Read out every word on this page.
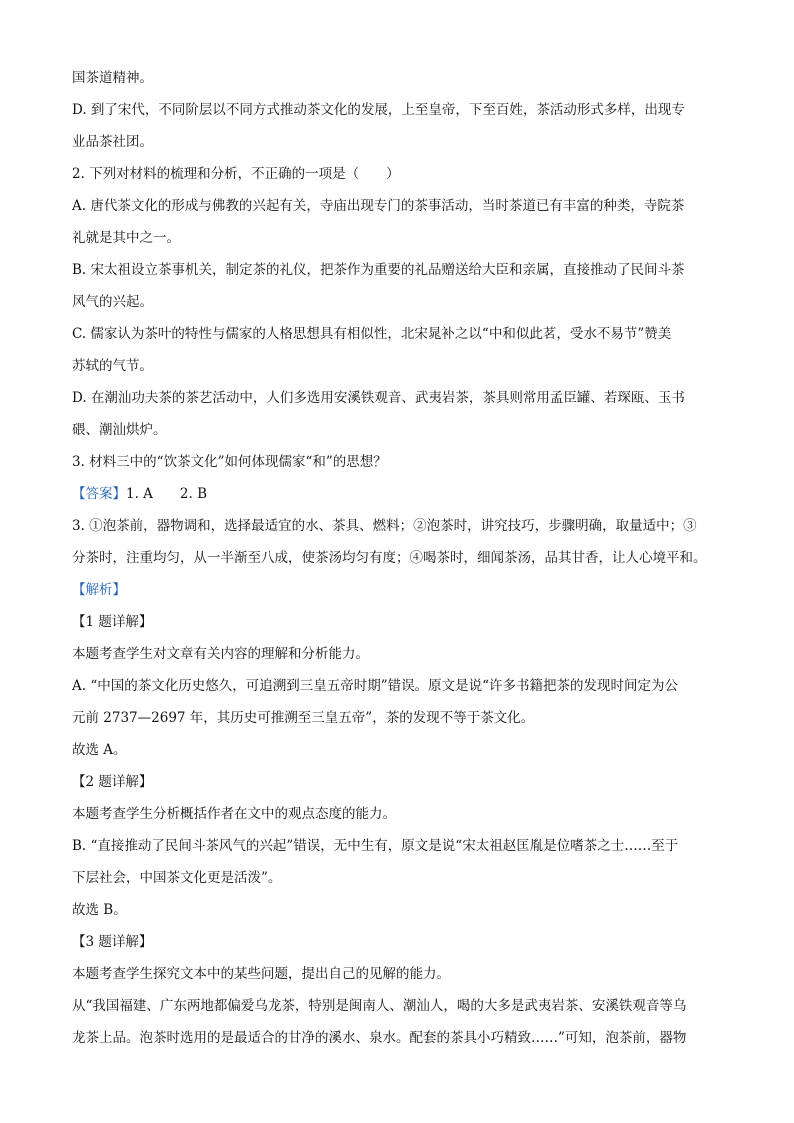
国茶道精神。
D. 到了宋代，不同阶层以不同方式推动茶文化的发展，上至皇帝，下至百姓，茶活动形式多样，出现专
业品茶社团。
2. 下列对材料的梳理和分析，不正确的一项是（　　）
A. 唐代茶文化的形成与佛教的兴起有关，寺庙出现专门的茶事活动，当时茶道已有丰富的种类，寺院茶
礼就是其中之一。
B. 宋太祖设立茶事机关，制定茶的礼仪，把茶作为重要的礼品赠送给大臣和亲属，直接推动了民间斗茶
风气的兴起。
C. 儒家认为茶叶的特性与儒家的人格思想具有相似性，北宋晁补之以“中和似此茗，受水不易节”赞美
苏轼的气节。
D. 在潮汕功夫茶的茶艺活动中，人们多选用安溪铁观音、武夷岩茶，茶具则常用孟臣罐、若琛瓯、玉书
碨、潮汕烘炉。
3. 材料三中的“饮茶文化”如何体现儒家“和”的思想？
【答案】1. A　　2. B
3. ①泡茶前，器物调和，选择最适宜的水、茶具、燃料；②泡茶时，讲究技巧，步骤明确，取量适中；③
分茶时，注重均匀，从一半渐至八成，使茶汤均匀有度；④喝茶时，细闻茶汤，品其甘香，让人心境平和。
【解析】
【1 题详解】
本题考查学生对文章有关内容的理解和分析能力。
A. “中国的茶文化历史悠久，可追溯到三皇五帝时期”错误。原文是说“许多书籍把茶的发现时间定为公
元前 2737—2697 年，其历史可推溯至三皇五帝”，茶的发现不等于茶文化。
故选 A。
【2 题详解】
本题考查学生分析概括作者在文中的观点态度的能力。
B. “直接推动了民间斗茶风气的兴起”错误，无中生有，原文是说“宋太祖赵匡胤是位嗜茶之士……至于
下层社会，中国茶文化更是活泼”。
故选 B。
【3 题详解】
本题考查学生探究文本中的某些问题，提出自己的见解的能力。
从“我国福建、广东两地都偏爱乌龙茶，特别是闽南人、潮汕人，喝的大多是武夷岩茶、安溪铁观音等乌
龙茶上品。泡茶时选用的是最适合的甘净的溪水、泉水。配套的茶具小巧精致……”可知，泡茶前，器物
